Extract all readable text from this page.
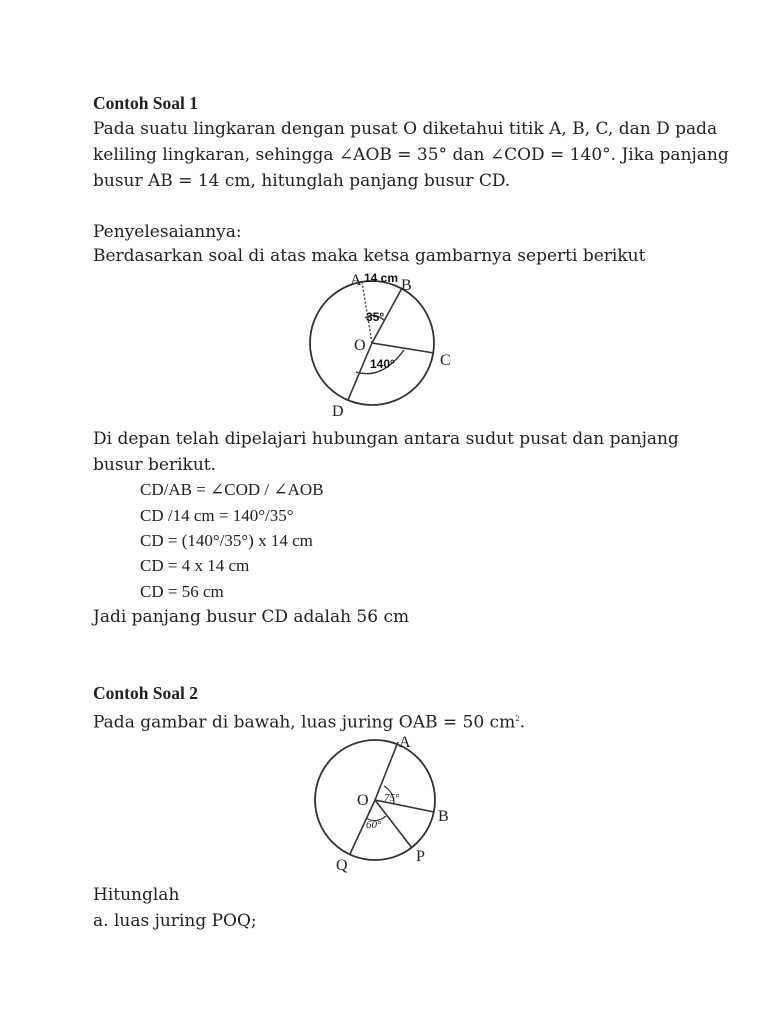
Contoh Soal 1
Pada suatu lingkaran dengan pusat O diketahui titik A, B, C, dan D pada
keliling lingkaran, sehingga ∠AOB = 35° dan ∠COD = 140°. Jika panjang
busur AB = 14 cm, hitunglah panjang busur CD.
Penyelesaiannya:
Berdasarkan soal di atas maka ketsa gambarnya seperti berikut
A 14 cm B
35°
O
140°	C
D
Di depan telah dipelajari hubungan antara sudut pusat dan panjang
busur berikut.
CD/AB = ∠COD / ∠AOB
CD /14 cm = 140°/35°
CD = (140°/35°) x 14 cm
CD = 4 x 14 cm
CD = 56 cm
Jadi panjang busur CD adalah 56 cm
Contoh Soal 2
Pada gambar di bawah, luas juring OAB = 50 $cm^2$.
A
O 75°
60°	B
P
Q
Hitunglah
a. luas juring POQ;
